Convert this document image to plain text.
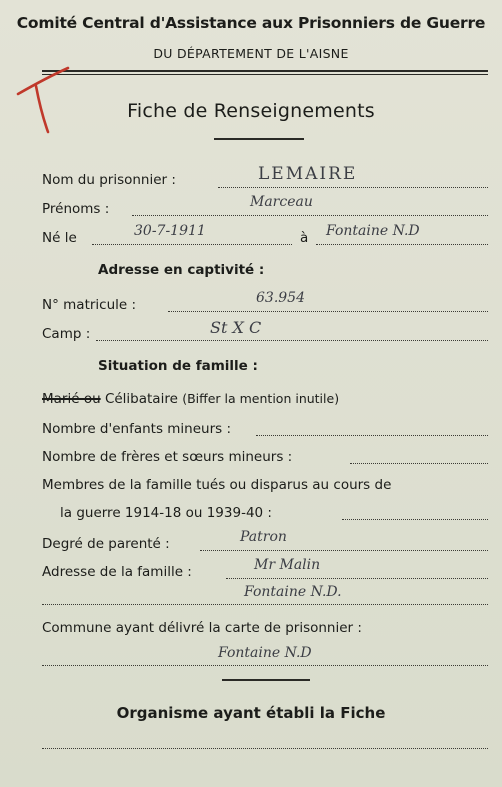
Comité Central d'Assistance aux Prisonniers de Guerre
DU DÉPARTEMENT DE L'AISNE
Fiche de Renseignements
Nom du prisonnier :	LEMAIRE
Prénoms :	Marceau
Né le	30-7-1911	à Fontaine N.D
Adresse en captivité :
N° matricule :	63.954
Camp :	St X C
Situation de famille :
Marié ou Célibataire (Biffer la mention inutile)
Nombre d'enfants mineurs :
Nombre de frères et sœurs mineurs :
Membres de la famille tués ou disparus au cours de
la guerre 1914-18 ou 1939-40 :
Degré de parenté :	Patron
Adresse de la famille :	Mr Malin
Fontaine N.D.
Commune ayant délivré la carte de prisonnier :
Fontaine N.D
Organisme ayant établi la Fiche
